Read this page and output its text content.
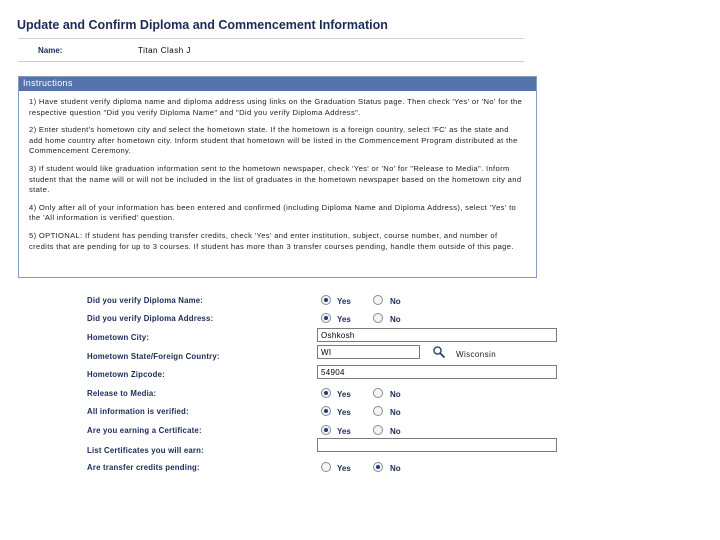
Update and Confirm Diploma and Commencement Information
Name:	Titan Clash J
Instructions

1) Have student verify diploma name and diploma address using links on the Graduation Status page. Then check 'Yes' or 'No' for the respective question "Did you verify Diploma Name" and "Did you verify Diploma Address".

2) Enter student's hometown city and select the hometown state. If the hometown is a foreign country, select 'FC' as the state and add home country after hometown city. Inform student that hometown will be listed in the Commencement Program distributed at the Commencement Ceremony.

3) If student would like graduation information sent to the hometown newspaper, check 'Yes' or 'No' for "Release to Media". Inform student that the name will or will not be included in the list of graduates in the hometown newspaper based on the hometown city and state.

4) Only after all of your information has been entered and confirmed (including Diploma Name and Diploma Address), select 'Yes' to the 'All information is verified' question.

5) OPTIONAL: If student has pending transfer credits, check 'Yes' and enter institution, subject, course number, and number of credits that are pending for up to 3 courses. If student has more than 3 transfer courses pending, handle them outside of this page.

Did you verify Diploma Name:	Yes	No
Did you verify Diploma Address:	Yes	No
Hometown City:	Oshkosh
Hometown State/Foreign Country:	WI	Wisconsin
Hometown Zipcode:	54904
Release to Media:	Yes	No
All information is verified:	Yes	No
Are you earning a Certificate:	Yes	No
List Certificates you will earn:
Are transfer credits pending:	Yes	No
